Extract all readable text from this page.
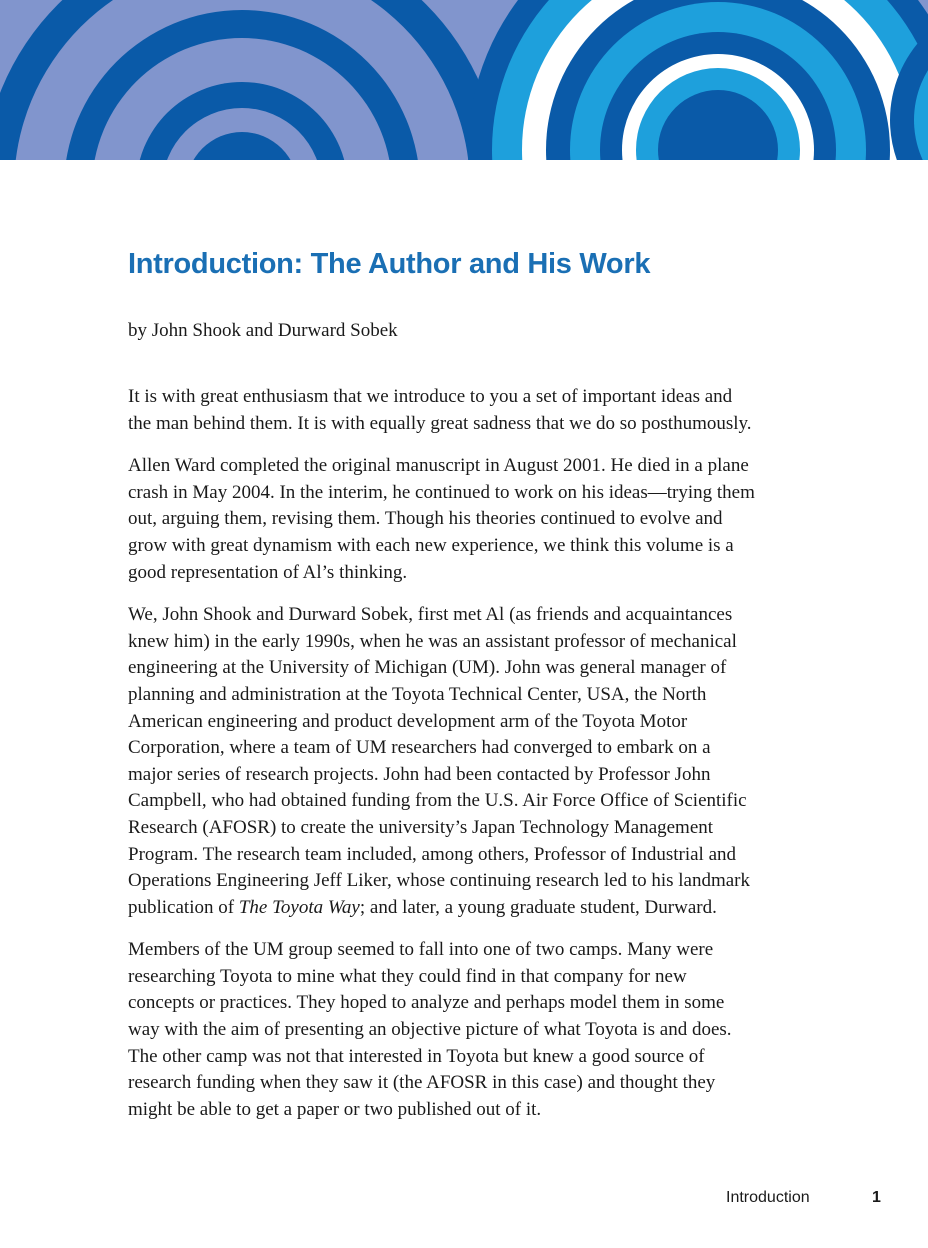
Introduction: The Author and His Work

by John Shook and Durward Sobek

It is with great enthusiasm that we introduce to you a set of important ideas and
the man behind them. It is with equally great sadness that we do so posthumously.

Allen Ward completed the original manuscript in August 2001. He died in a plane
crash in May 2004. In the interim, he continued to work on his ideas—trying them
out, arguing them, revising them. Though his theories continued to evolve and
grow with great dynamism with each new experience, we think this volume is a
good representation of Al’s thinking.

We, John Shook and Durward Sobek, first met Al (as friends and acquaintances
knew him) in the early 1990s, when he was an assistant professor of mechanical
engineering at the University of Michigan (UM). John was general manager of
planning and administration at the Toyota Technical Center, USA, the North
American engineering and product development arm of the Toyota Motor
Corporation, where a team of UM researchers had converged to embark on a
major series of research projects. John had been contacted by Professor John
Campbell, who had obtained funding from the U.S. Air Force Office of Scientific
Research (AFOSR) to create the university’s Japan Technology Management
Program. The research team included, among others, Professor of Industrial and
Operations Engineering Jeff Liker, whose continuing research led to his landmark
publication of The Toyota Way; and later, a young graduate student, Durward.

Members of the UM group seemed to fall into one of two camps. Many were
researching Toyota to mine what they could find in that company for new
concepts or practices. They hoped to analyze and perhaps model them in some
way with the aim of presenting an objective picture of what Toyota is and does.
The other camp was not that interested in Toyota but knew a good source of
research funding when they saw it (the AFOSR in this case) and thought they
might be able to get a paper or two published out of it.

Introduction	1
